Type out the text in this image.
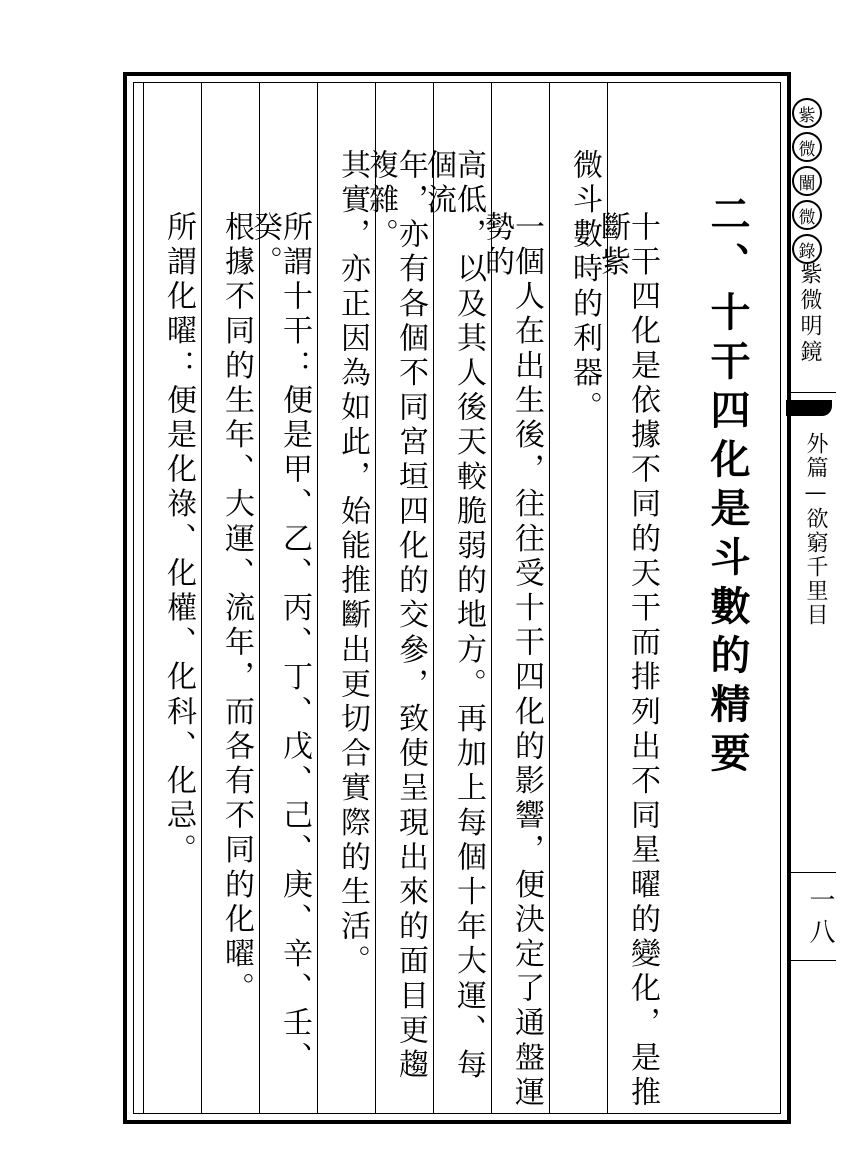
二、十干四化是斗數的精要
十干四化是依據不同的天干而排列出不同星曜的變化，是推斷紫
微斗數時的利器。
一個人在出生後，往往受十干四化的影響，便決定了通盤運勢的
高低，以及其人後天較脆弱的地方。再加上每個十年大運、每個流
年，亦有各個不同宮垣四化的交參，致使呈現出來的面目更趨複雜。
其實，亦正因為如此，始能推斷出更切合實際的生活。
所謂十干：便是甲、乙、丙、丁、戊、己、庚、辛、壬、癸。
根據不同的生年、大運、流年，而各有不同的化曜。
所謂化曜：便是化祿、化權、化科、化忌。
紫
微
闡
微
錄
紫微明鏡
外篇—欲窮千里目
一八
